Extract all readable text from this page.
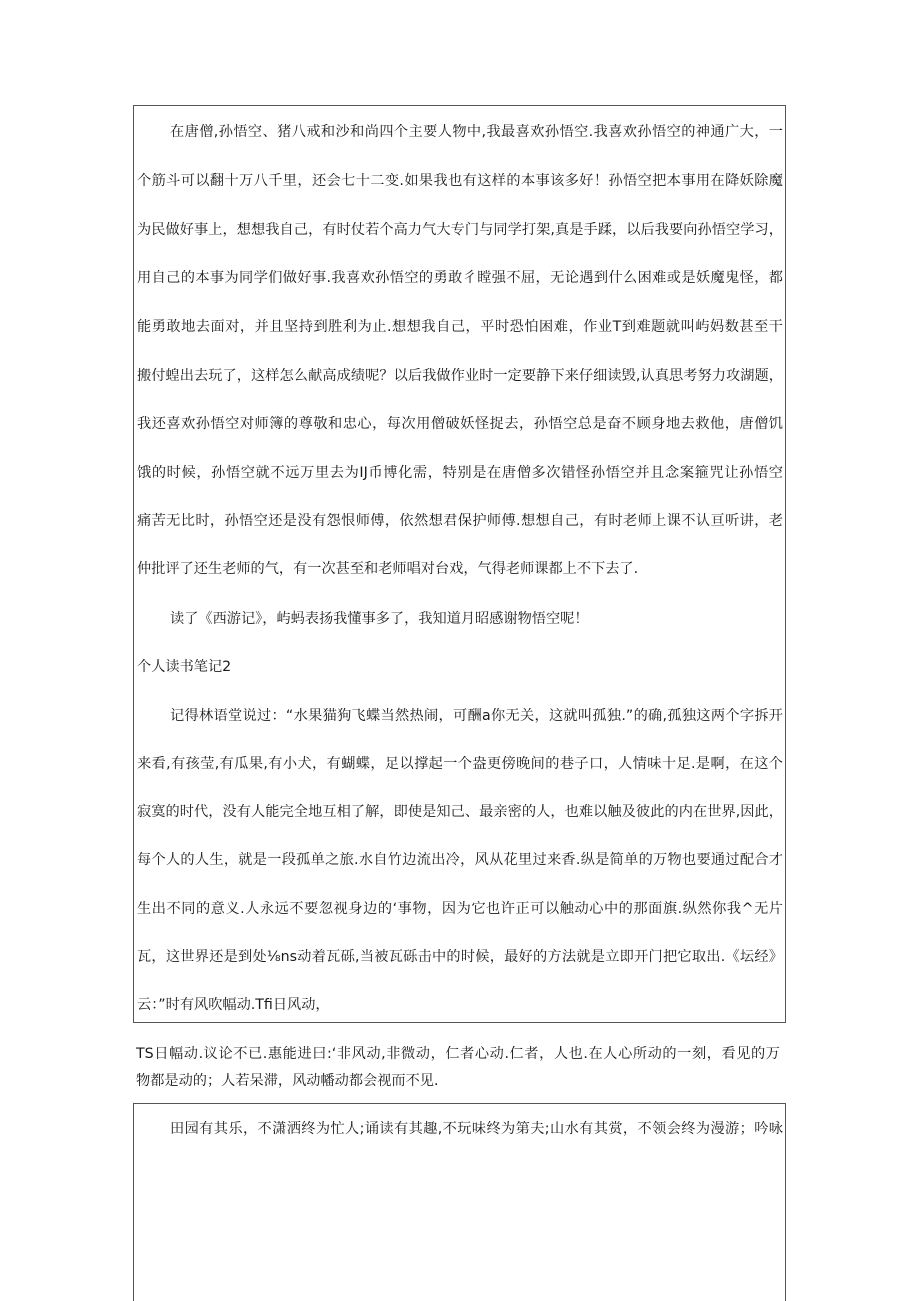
在唐僧,孙悟空、猪八戒和沙和尚四个主要人物中,我最喜欢孙悟空.我喜欢孙悟空的神通广大，一

个筋斗可以翻十万八千里，还会七十二变.如果我也有这样的本事该多好！孙悟空把本事用在降妖除魔

为民做好事上，想想我自己，有时仗若个高力气大专门与同学打架,真是手蹂，以后我要向孙悟空学习，

用自己的本事为同学们做好事.我喜欢孙悟空的勇敢彳瞠强不屈，无论遇到什么困难或是妖魔鬼怪，都

能勇敢地去面对，并且坚持到胜利为止.想想我自己，平时恐怕困难，作业T到难题就叫屿妈数甚至干

搬付蝗出去玩了，这样怎么献高成绩呢？以后我做作业时一定要静下来仔细读毁,认真思考努力攻湖题，

我还喜欢孙悟空对师簿的尊敬和忠心，每次用僧破妖怪捉去，孙悟空总是奋不顾身地去救他，唐僧饥

饿的时候，孙悟空就不远万里去为IJ币博化需，特别是在唐僧多次错怪孙悟空并且念案箍咒让孙悟空

痛苦无比时，孙悟空还是没有怨恨师傅，依然想君保护师傅.想想自己，有时老师上课不认亘听讲，老

仲批评了还生老师的气，有一次甚至和老师唱对台戏，气得老师课都上不下去了.

读了《西游记》，屿蚂表扬我懂事多了，我知道月昭感谢物悟空呢！

个人读书笔记2

记得林语堂说过：“水果猫狗飞蝶当然热闹，可酬a你无关，这就叫孤独.”的确,孤独这两个字拆开

来看,有孩莹,有瓜果,有小犬，有蝴蝶，足以撑起一个盎更傍晚间的巷子口，人情味十足.是啊，在这个

寂寞的时代，没有人能完全地互相了解，即使是知己、最亲密的人，也难以触及彼此的内在世界,因此，

每个人的人生，就是一段孤单之旅.水自竹边流出冷，风从花里过来香.纵是简单的万物也要通过配合才

生出不同的意义.人永远不要忽视身边的‘事物，因为它也许正可以触动心中的那面旗.纵然你我^无片

瓦，这世界还是到处⅛ns动着瓦砾,当被瓦砾击中的时候，最好的方法就是立即开门把它取出.《坛经》

云：”时有风吹幅动.Tfi日风动，

TS日幅动.议论不已.惠能进曰:‘非风动,非微动，仁者心动.仁者，人也.在人心所动的一刻，看见的万

物都是动的；人若呆滞，风动幡动都会视而不见.

田园有其乐，不潇洒终为忙人;诵读有其趣,不玩味终为第夫;山水有其赏，不领会终为漫游；吟咏
